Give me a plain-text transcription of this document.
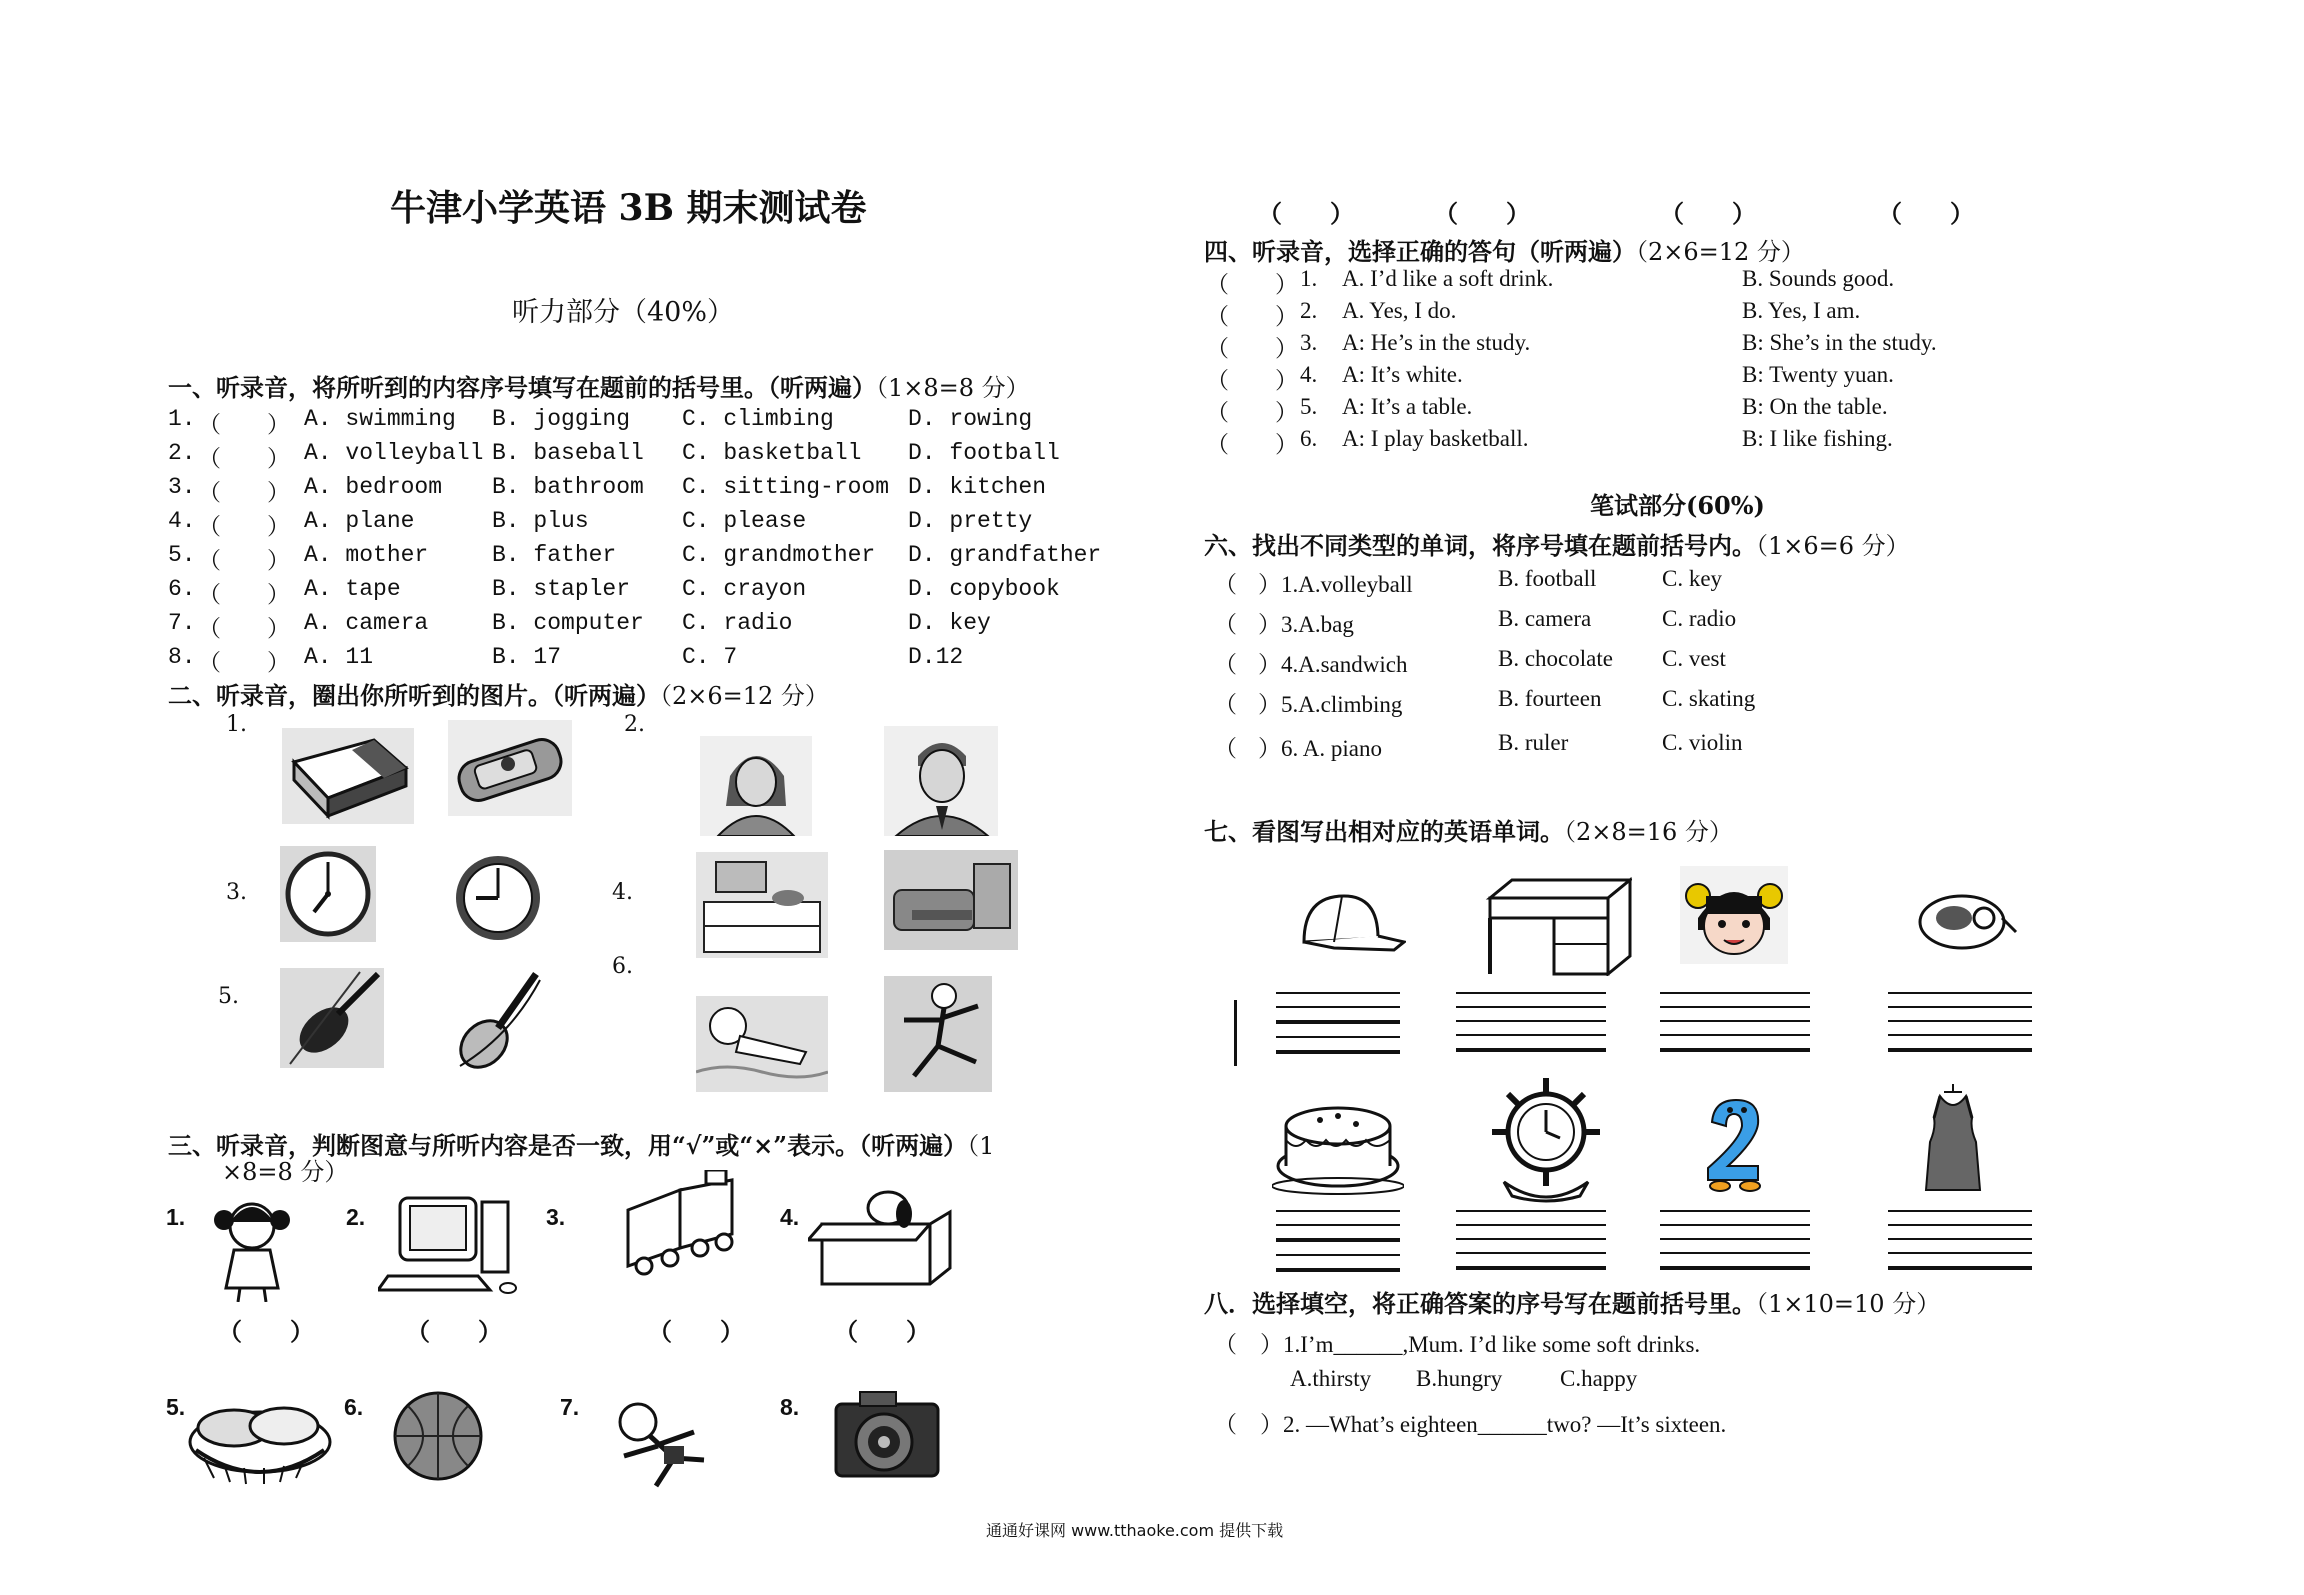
牛津小学英语 3B 期末测试卷
听力部分（40%）
一、听录音，将所听到的内容序号填写在题前的括号里。（听两遍）（1×8=8 分）
1. （　　） A. swimming B. jogging C. climbing	D. rowing
2. （　　） A. volleyball B. baseball C. basketball D. football
3. （　　） A. bedroom B. bathroom C. sitting-room D. kitchen
4. （　　） A. plane	B. plus	C. please	D. pretty
5. （　　） A. mother	B. father	C. grandmother D. grandfather
6. （　　） A. tape	B. stapler C. crayon	D. copybook
7. （　　） A. camera	B. computer C. radio	D. key
8. （　　） A. 11	B. 17	C. 7	D.12
二、听录音，圈出你所听到的图片。（听两遍）（2×6=12 分）
1.	2.
3.	4.
5.
6.
三、听录音，判断图意与所听内容是否一致，用“√”或“×”表示。（听两遍）（1
×8=8 分）
1.	2.	3.	4.
5.	6.	7.	8.
（　　）	（　　）	（　　）	（　　）
（　　）	（　　）	（　　）	（　　）
四、听录音，选择正确的答句（听两遍）（2×6=12 分）
（　　） 1. A. I’d like a soft drink.	B. Sounds good.
（　　） 2. A. Yes, I do.	B. Yes, I am.
（　　） 3. A: He’s in the study.	B: She’s in the study.
（　　） 4. A: It’s white.	B: Twenty yuan.
（　　） 5. A: It’s a table.	B: On the table.
（　　） 6. A: I play basketball.	B: I like fishing.
笔试部分(60%)
六、找出不同类型的单词，将序号填在题前括号内。（1×6=6 分）
（ ）1.A.volleyball	B. football	C. key
（ ）3.A.bag	B. camera	C. radio
（ ）4.A.sandwich	B. chocolate C. vest
（ ）5.A.climbing	B. fourteen	C. skating
（ ）6. A. piano	B. ruler	C. violin
七、看图写出相对应的英语单词。（2×8=16 分）
八．选择填空，将正确答案的序号写在题前括号里。（1×10=10 分）
（ ）1.I’m______,Mum. I’d like some soft drinks.
A.thirsty B.hungry	C.happy
（ ）2. —What’s eighteen______two? —It’s sixteen.
通通好课网 www.tthaoke.com 提供下载
